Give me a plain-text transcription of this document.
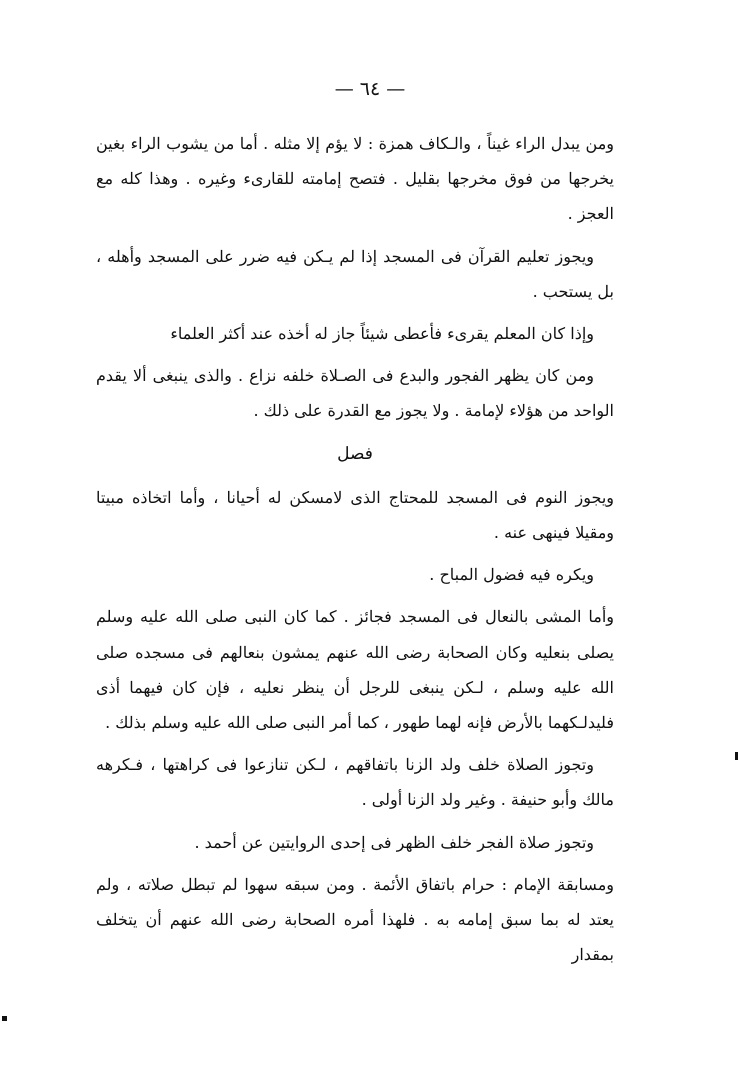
— ٦٤ —

ومن يبدل الراء غيناً ، والـكاف همزة : لا يؤم إلا مثله . أما من يشوب الراء بغين يخرجها من فوق مخرجها بقليل . فتصح إمامته للقارىء وغيره . وهذا كله مع العجز .

ويجوز تعليم القرآن فى المسجد إذا لم يـكن فيه ضرر على المسجد وأهله ، بل يستحب .

وإذا كان المعلم يقرىء فأعطى شيئاً جاز له أخذه عند أكثر العلماء

ومن كان يظهر الفجور والبدع فى الصـلاة خلفه نزاع . والذى ينبغى ألا يقدم الواحد من هؤلاء لإمامة . ولا يجوز مع القدرة على ذلك .

فصل

ويجوز النوم فى المسجد للمحتاج الذى لامسكن له أحيانا ، وأما اتخاذه مبيتا ومقيلا فينهى عنه .

ويكره فيه فضول المباح .

وأما المشى بالنعال فى المسجد فجائز . كما كان النبى صلى الله عليه وسلم يصلى بنعليه وكان الصحابة رضى الله عنهم يمشون بنعالهم فى مسجده صلى الله عليه وسلم ، لـكن ينبغى للرجل أن ينظر نعليه ، فإن كان فيهما أذى فليدلـكهما بالأرض فإنه لهما طهور ، كما أمر النبى صلى الله عليه وسلم بذلك .

وتجوز الصلاة خلف ولد الزنا باتفاقهم ، لـكن تنازعوا فى كراهتها ، فـكرهه مالك وأبو حنيفة . وغير ولد الزنا أولى .

وتجوز صلاة الفجر خلف الظهر فى إحدى الروايتين عن أحمد .

ومسابقة الإمام : حرام باتفاق الأئمة . ومن سبقه سهوا لم تبطل صلاته ، ولم يعتد له بما سبق إمامه به . فلهذا أمره الصحابة رضى الله عنهم أن يتخلف بمقدار
